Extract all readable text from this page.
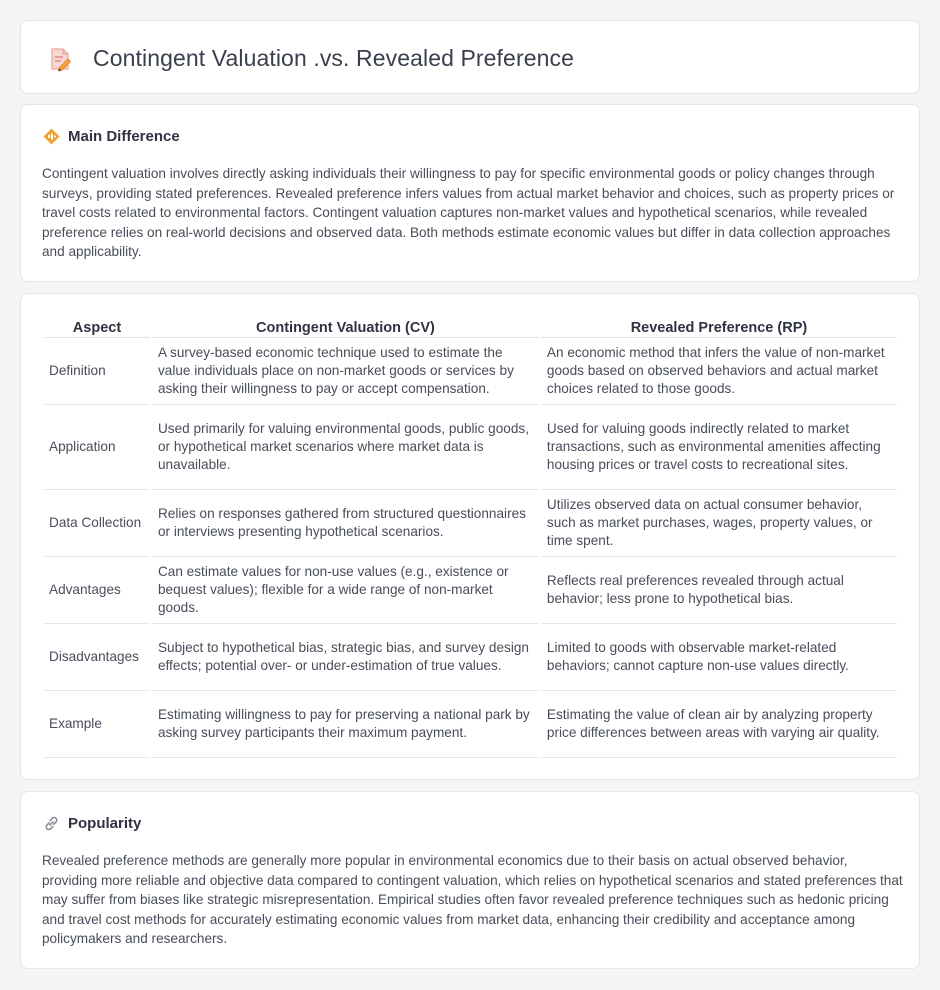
Contingent Valuation .vs. Revealed Preference
Main Difference

Contingent valuation involves directly asking individuals their willingness to pay for specific environmental goods or policy changes through surveys, providing stated preferences. Revealed preference infers values from actual market behavior and choices, such as property prices or travel costs related to environmental factors. Contingent valuation captures non-market values and hypothetical scenarios, while revealed preference relies on real-world decisions and observed data. Both methods estimate economic values but differ in data collection approaches and applicability.

Aspect	Contingent Valuation (CV)	Revealed Preference (RP)
Definition	A survey-based economic technique used to estimate the value individuals place on non-market goods or services by asking their willingness to pay or accept compensation.	An economic method that infers the value of non-market goods based on observed behaviors and actual market choices related to those goods.
Application	Used primarily for valuing environmental goods, public goods, or hypothetical market scenarios where market data is unavailable.	Used for valuing goods indirectly related to market transactions, such as environmental amenities affecting housing prices or travel costs to recreational sites.
Data Collection	Relies on responses gathered from structured questionnaires or interviews presenting hypothetical scenarios.	Utilizes observed data on actual consumer behavior, such as market purchases, wages, property values, or time spent.
Advantages	Can estimate values for non-use values (e.g., existence or bequest values); flexible for a wide range of non-market goods.	Reflects real preferences revealed through actual behavior; less prone to hypothetical bias.
Disadvantages	Subject to hypothetical bias, strategic bias, and survey design effects; potential over- or under-estimation of true values.	Limited to goods with observable market-related behaviors; cannot capture non-use values directly.
Example	Estimating willingness to pay for preserving a national park by asking survey participants their maximum payment.	Estimating the value of clean air by analyzing property price differences between areas with varying air quality.
Popularity

Revealed preference methods are generally more popular in environmental economics due to their basis on actual observed behavior, providing more reliable and objective data compared to contingent valuation, which relies on hypothetical scenarios and stated preferences that may suffer from biases like strategic misrepresentation. Empirical studies often favor revealed preference techniques such as hedonic pricing and travel cost methods for accurately estimating economic values from market data, enhancing their credibility and acceptance among policymakers and researchers.
